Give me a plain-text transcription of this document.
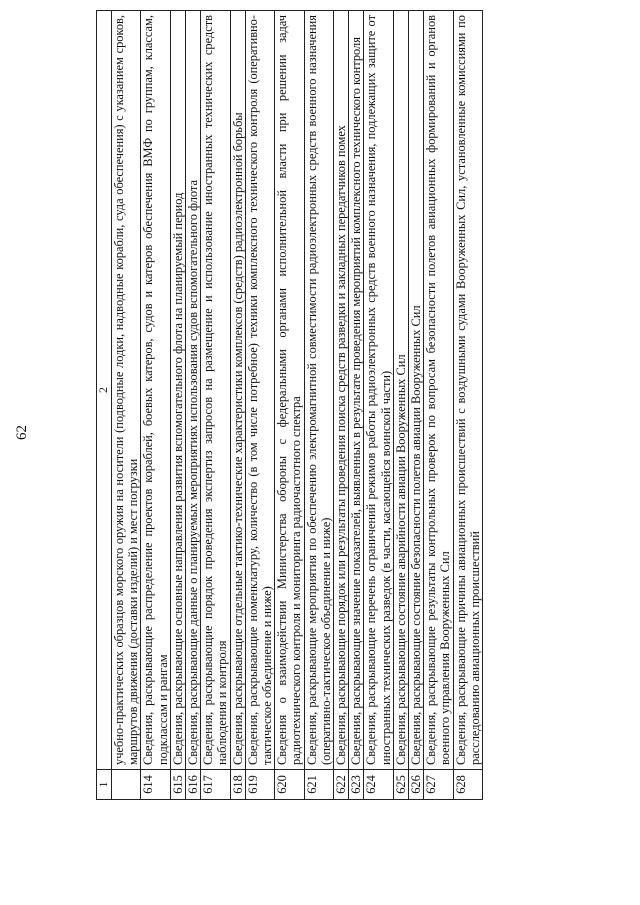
62
1	2
	учебно-практических образцов морского оружия на носители (подводные лодки, надводные корабли, суда обеспечения) с указанием сроков, маршрутов движения (доставки изделий) и мест погрузки
614	Сведения, раскрывающие распределение проектов кораблей, боевых катеров, судов и катеров обеспечения ВМФ по группам, классам, подклассам и рангам
615	Сведения, раскрывающие основные направления развития вспомогательного флота на планируемый период
616	Сведения, раскрывающие данные о планируемых мероприятиях использования судов вспомогательного флота
617	Сведения, раскрывающие порядок проведения экспертиз запросов на размещение и использование иностранных технических средств наблюдения и контроля
618	Сведения, раскрывающие отдельные тактико-технические характеристики комплексов (средств) радиоэлектронной борьбы
619	Сведения, раскрывающие номенклатуру, количество (в том числе потребное) техники комплексного технического контроля (оперативно-тактическое объединение и ниже)
620	Сведения о взаимодействии Министерства обороны с федеральными органами исполнительной власти при решении задач радиотехнического контроля и мониторинга радиочастотного спектра
621	Сведения, раскрывающие мероприятия по обеспечению электромагнитной совместимости радиоэлектронных средств военного назначения (оперативно-тактическое объединение и ниже)
622	Сведения, раскрывающие порядок или результаты проведения поиска средств разведки и закладных передатчиков помех
623	Сведения, раскрывающие значение показателей, выявленных в результате проведения мероприятий комплексного технического контроля
624	Сведения, раскрывающие перечень ограничений режимов работы радиоэлектронных средств военного назначения, подлежащих защите от иностранных технических разведок (в части, касающейся воинской части)
625	Сведения, раскрывающие состояние аварийности авиации Вооруженных Сил
626	Сведения, раскрывающие состояние безопасности полетов авиации Вооруженных Сил
627	Сведения, раскрывающие результаты контрольных проверок по вопросам безопасности полетов авиационных формирований и органов военного управления Вооруженных Сил
628	Сведения, раскрывающие причины авиационных происшествий с воздушными судами Вооруженных Сил, установленные комиссиями по расследованию авиационных происшествий
